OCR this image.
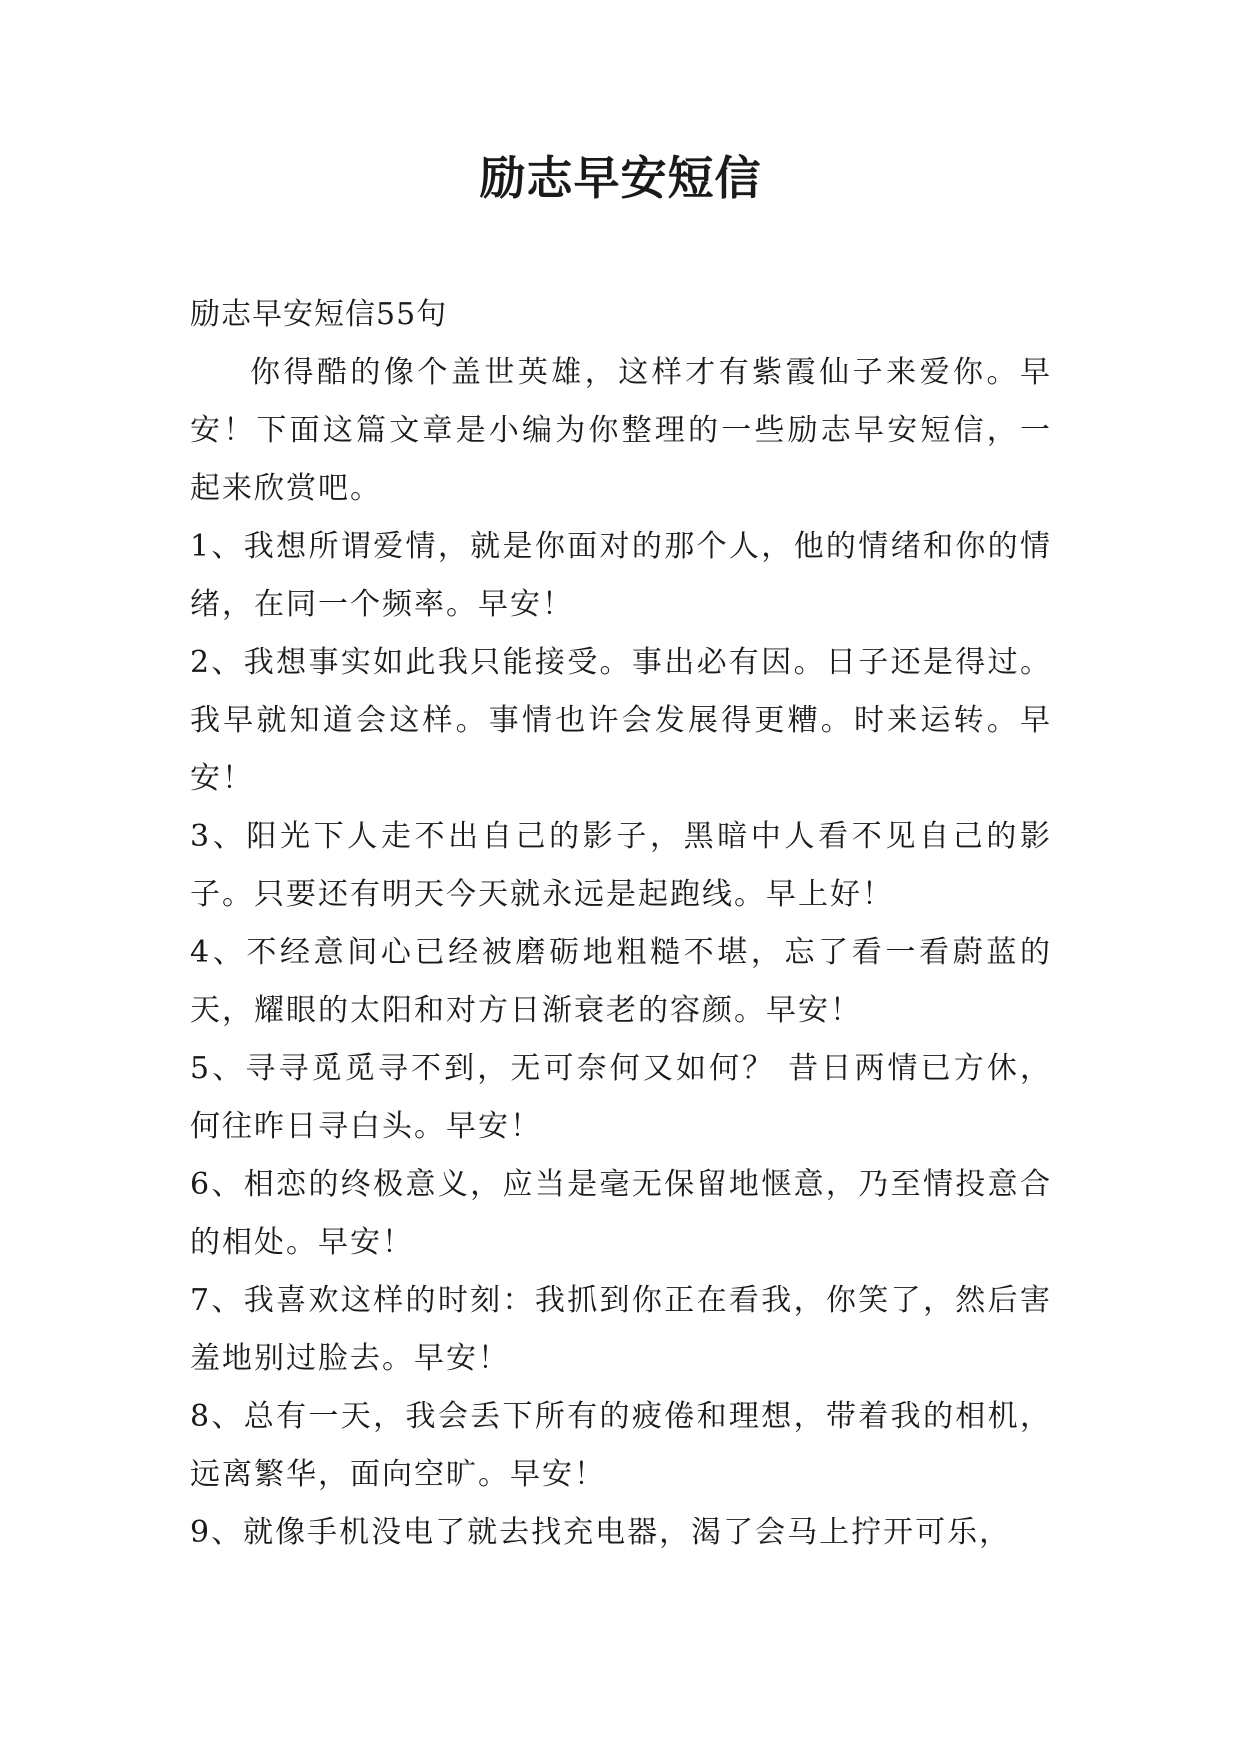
励志早安短信

励志早安短信55句

你得酷的像个盖世英雄，这样才有紫霞仙子来爱你。早安！下面这篇文章是小编为你整理的一些励志早安短信，一起来欣赏吧。

1、我想所谓爱情，就是你面对的那个人，他的情绪和你的情绪，在同一个频率。早安！

2、我想事实如此我只能接受。事出必有因。日子还是得过。我早就知道会这样。事情也许会发展得更糟。时来运转。早安！

3、阳光下人走不出自己的影子，黑暗中人看不见自己的影子。只要还有明天今天就永远是起跑线。早上好！

4、不经意间心已经被磨砺地粗糙不堪，忘了看一看蔚蓝的天，耀眼的太阳和对方日渐衰老的容颜。早安！

5、寻寻觅觅寻不到，无可奈何又如何？ 昔日两情已方休，何往昨日寻白头。早安！

6、相恋的终极意义，应当是毫无保留地惬意，乃至情投意合的相处。早安！

7、我喜欢这样的时刻：我抓到你正在看我，你笑了，然后害羞地别过脸去。早安！

8、总有一天，我会丢下所有的疲倦和理想，带着我的相机，远离繁华，面向空旷。早安！

9、就像手机没电了就去找充电器，渴了会马上拧开可乐，
